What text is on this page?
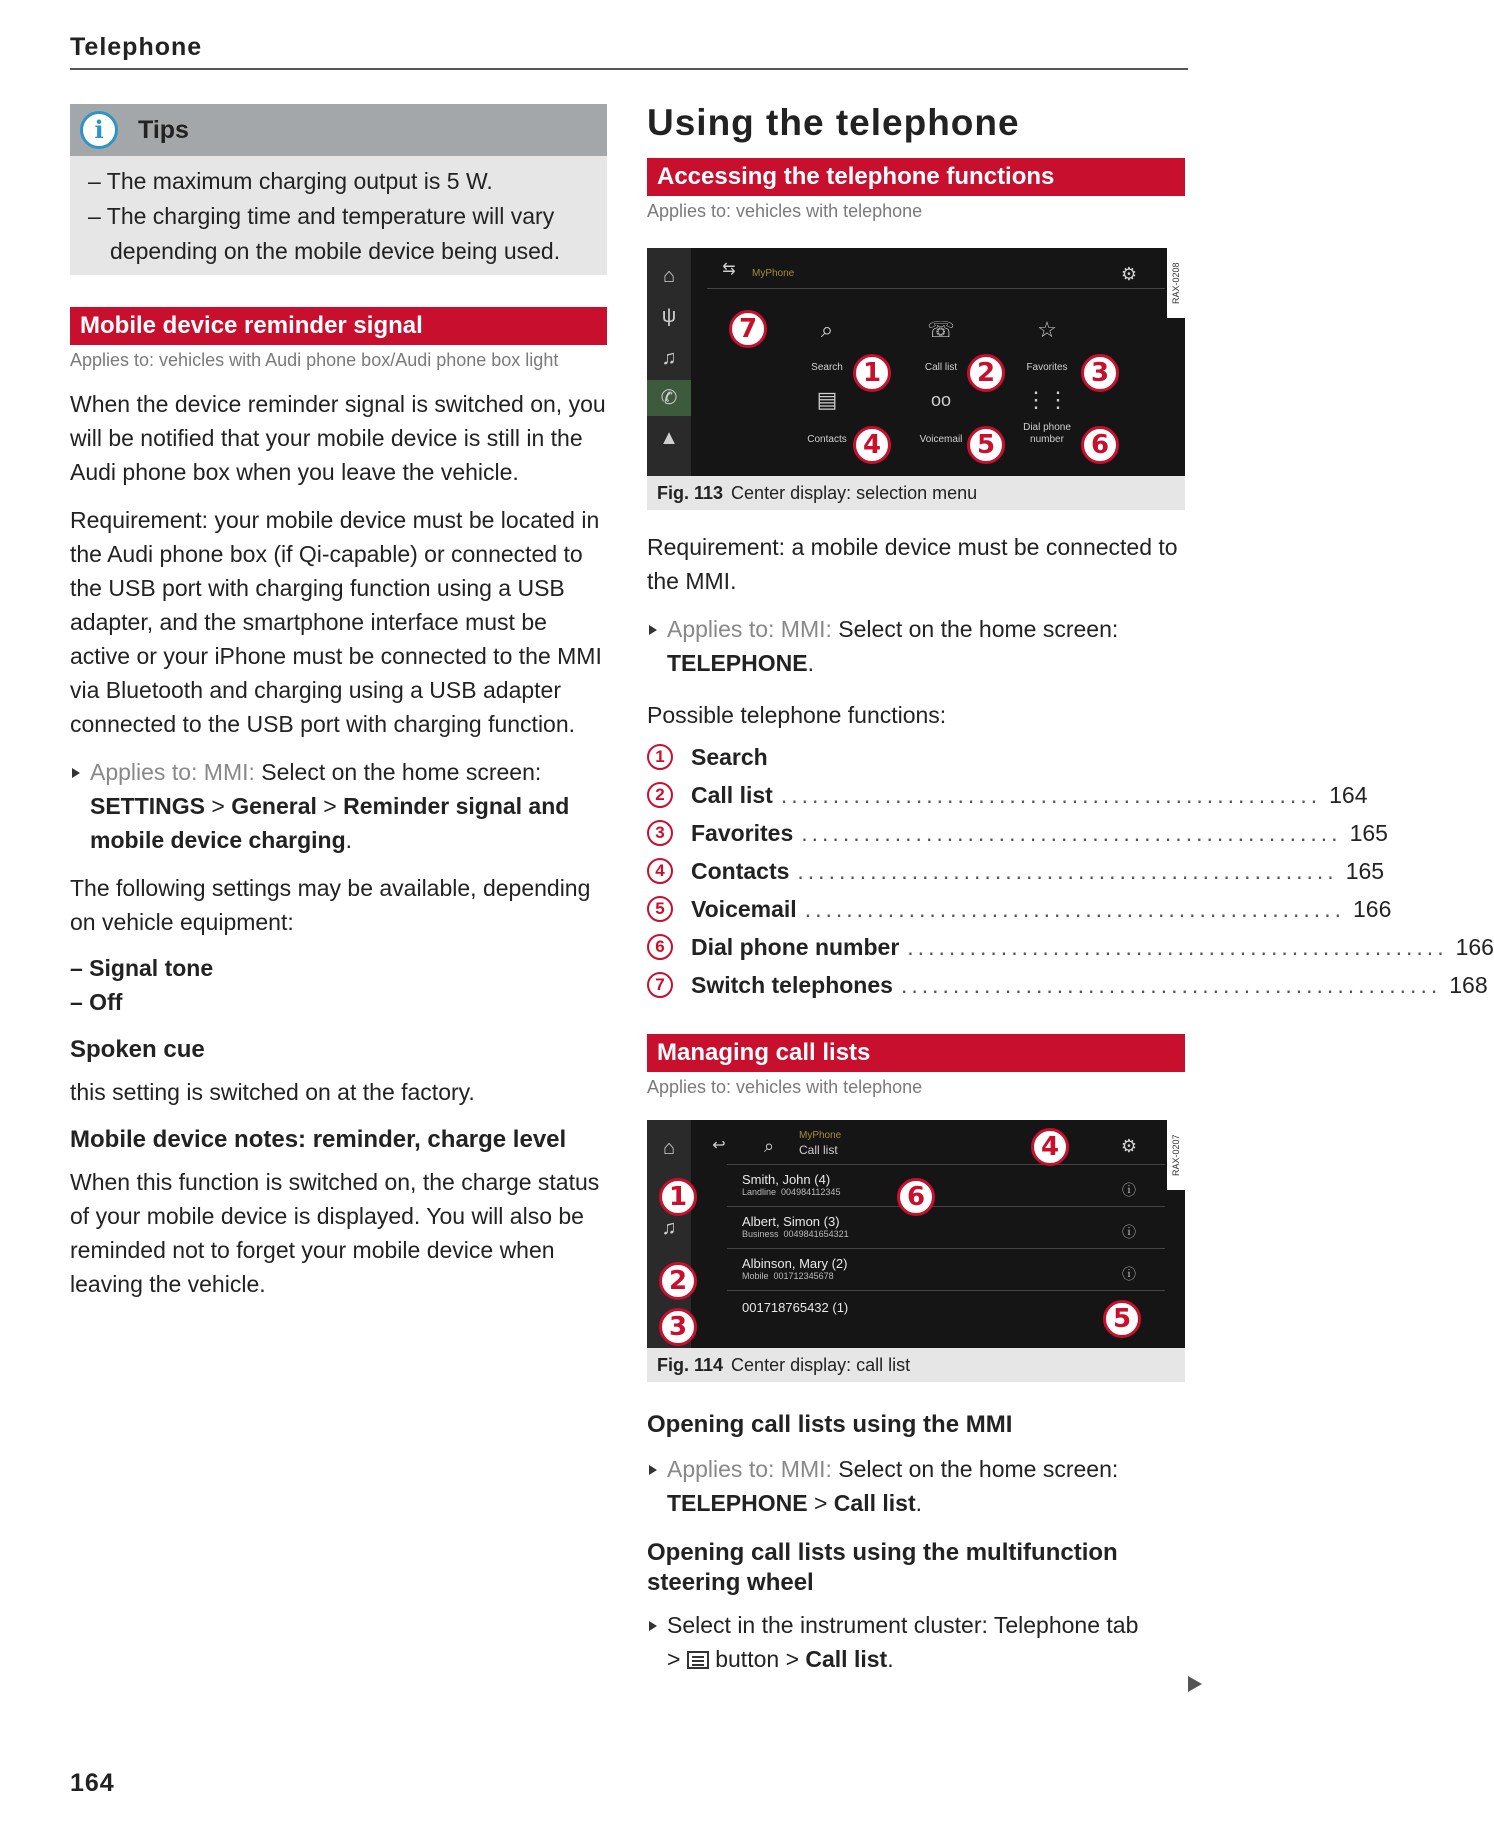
Telephone
i	Tips
– The maximum charging output is 5 W.
– The charging time and temperature will vary depending on the mobile device being used.
Mobile device reminder signal
Applies to: vehicles with Audi phone box/Audi phone box light
When the device reminder signal is switched on, you will be notified that your mobile device is still in the Audi phone box when you leave the vehicle.
Requirement: your mobile device must be located in the Audi phone box (if Qi-capable) or connected to the USB port with charging function using a USB adapter, and the smartphone interface must be active or your iPhone must be connected to the MMI via Bluetooth and charging using a USB adapter connected to the USB port with charging function.
Applies to: MMI: Select on the home screen:
SETTINGS > General > Reminder signal and mobile device charging.
The following settings may be available, depending on vehicle equipment:
– Signal tone
– Off
Spoken cue
this setting is switched on at the factory.
Mobile device notes: reminder, charge level
When this function is switched on, the charge status of your mobile device is displayed. You will also be reminded not to forget your mobile device when leaving the vehicle.
Using the telephone
Accessing the telephone functions
Applies to: vehicles with telephone
⌂
ψ
♫
✆
▲
⇆	MyPhone	⚙
⌕
Search
☏
Call list
☆
Favorites
▤
Contacts
oo
Voicemail
⋮⋮
Dial phone number
7
1	2	3
4	5	6
RAX-0208
Fig. 113 Center display: selection menu
Requirement: a mobile device must be connected to the MMI.
Applies to: MMI: Select on the home screen:
TELEPHONE.
Possible telephone functions:
1	Search
2	Call list .................................................... 164
3	Favorites .................................................... 165
4	Contacts .................................................... 165
5	Voicemail .................................................... 166
6	Dial phone number .................................................... 166
7	Switch telephones .................................................... 168
Managing call lists
Applies to: vehicles with telephone
⌂
♫
↩	⌕
MyPhone
Call list	⚙
Smith, John (4)
Landline 004984112345
Albert, Simon (3)
Business 0049841654321
Albinson, Mary (2)
Mobile 001712345678
001718765432 (1)
ⓘ
ⓘ
ⓘ
1
2
3
4
5
6
RAX-0207
Fig. 114 Center display: call list
Opening call lists using the MMI
Applies to: MMI: Select on the home screen:
TELEPHONE > Call list.
Opening call lists using the multifunction steering wheel
Select in the instrument cluster: Telephone tab
> button > Call list.
164
